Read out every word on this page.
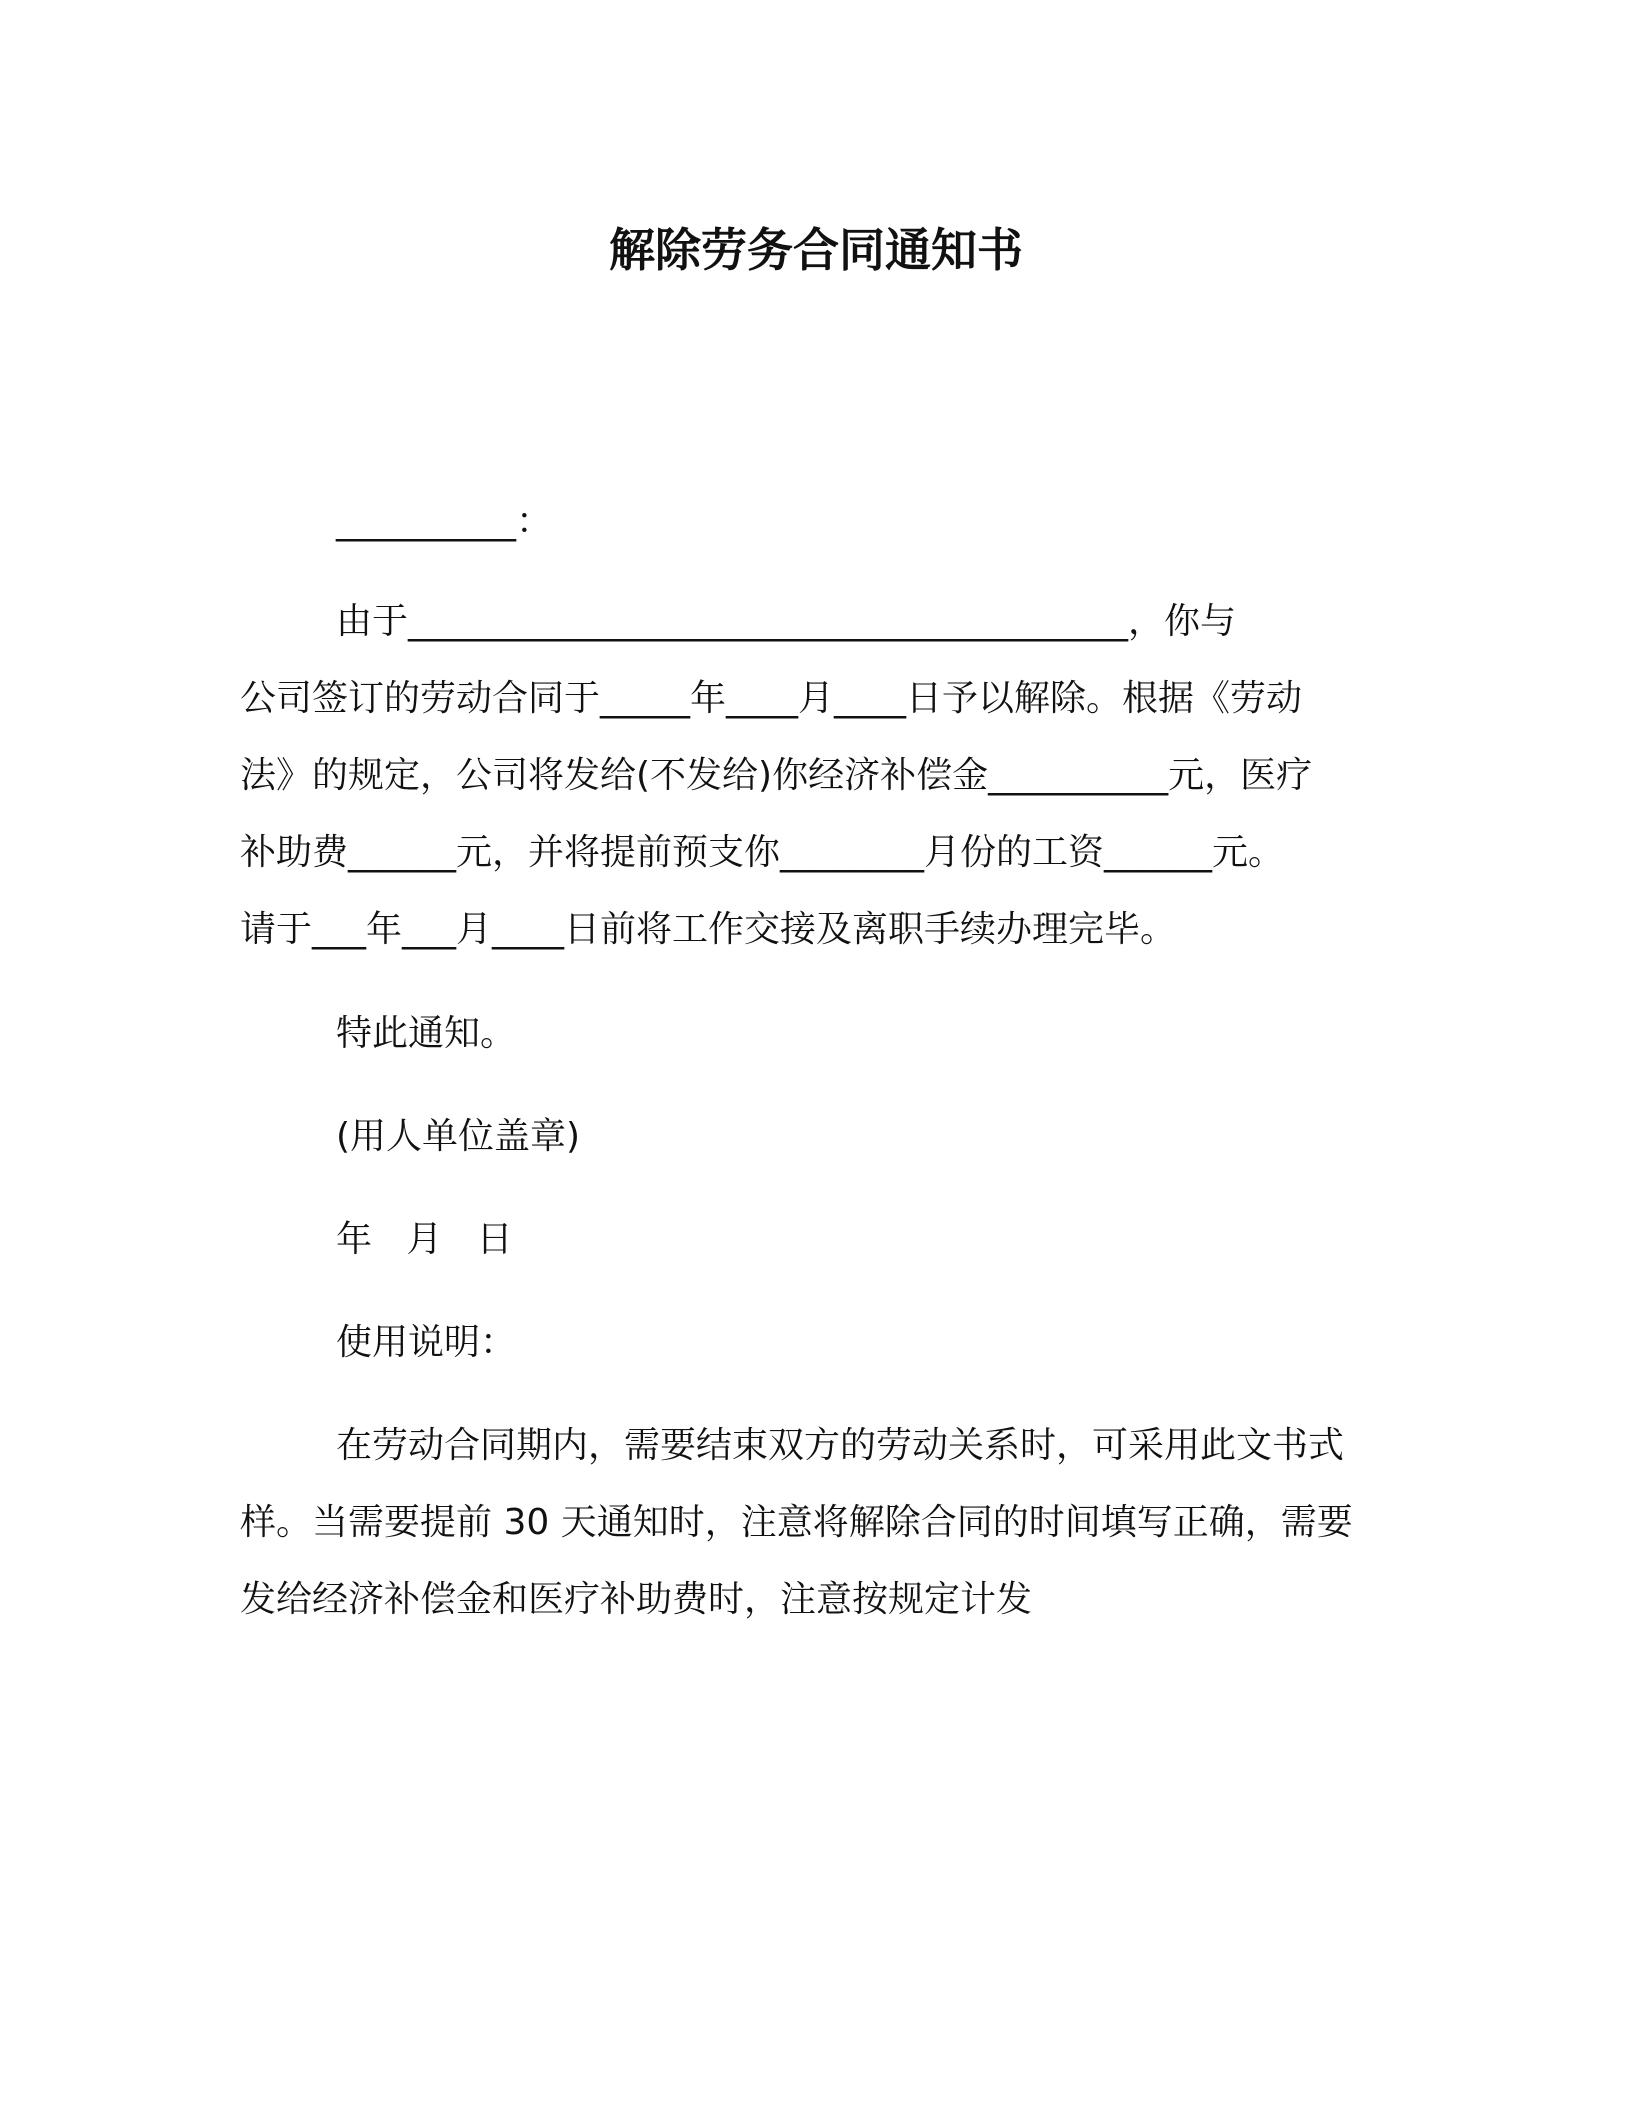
解除劳务合同通知书
__________：
由于________________________________________，你与
公司签订的劳动合同于_____年____月____日予以解除。根据《劳动
法》的规定，公司将发给(不发给)你经济补偿金__________元，医疗
补助费______元，并将提前预支你________月份的工资______元。
请于___年___月____日前将工作交接及离职手续办理完毕。
特此通知。
(用人单位盖章)
年   月   日
使用说明：
在劳动合同期内，需要结束双方的劳动关系时，可采用此文书式
样。当需要提前 30 天通知时，注意将解除合同的时间填写正确，需要
发给经济补偿金和医疗补助费时，注意按规定计发
